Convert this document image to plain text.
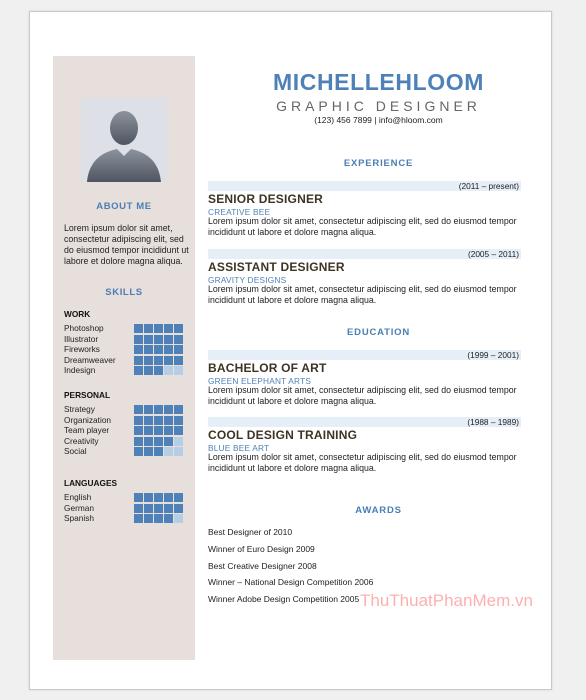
ABOUT ME
Lorem ipsum dolor sit amet, consectetur adipiscing elit, sed do eiusmod tempor incididunt ut labore et dolore magna aliqua.
SKILLS
WORK
Photoshop
Illustrator
Fireworks
Dreamweaver
Indesign
PERSONAL
Strategy
Organization
Team player
Creativity
Social
LANGUAGES
English
German
Spanish
MICHELLEHLOOM
GRAPHIC DESIGNER
(123) 456 7899 | info@hloom.com
EXPERIENCE
(2011 – present)
SENIOR DESIGNER
CREATIVE BEE
Lorem ipsum dolor sit amet, consectetur adipiscing elit, sed do eiusmod tempor incididunt ut labore et dolore magna aliqua.
(2005 – 2011)
ASSISTANT DESIGNER
GRAVITY DESIGNS
Lorem ipsum dolor sit amet, consectetur adipiscing elit, sed do eiusmod tempor incididunt ut labore et dolore magna aliqua.
EDUCATION
(1999 – 2001)
BACHELOR OF ART
GREEN ELEPHANT ARTS
Lorem ipsum dolor sit amet, consectetur adipiscing elit, sed do eiusmod tempor incididunt ut labore et dolore magna aliqua.
(1988 – 1989)
COOL DESIGN TRAINING
BLUE BEE ART
Lorem ipsum dolor sit amet, consectetur adipiscing elit, sed do eiusmod tempor incididunt ut labore et dolore magna aliqua.
AWARDS
Best Designer of 2010
Winner of Euro Design 2009
Best Creative Designer 2008
Winner – National Design Competition 2006
Winner Adobe Design Competition 2005 ThuThuatPhanMem.vn
